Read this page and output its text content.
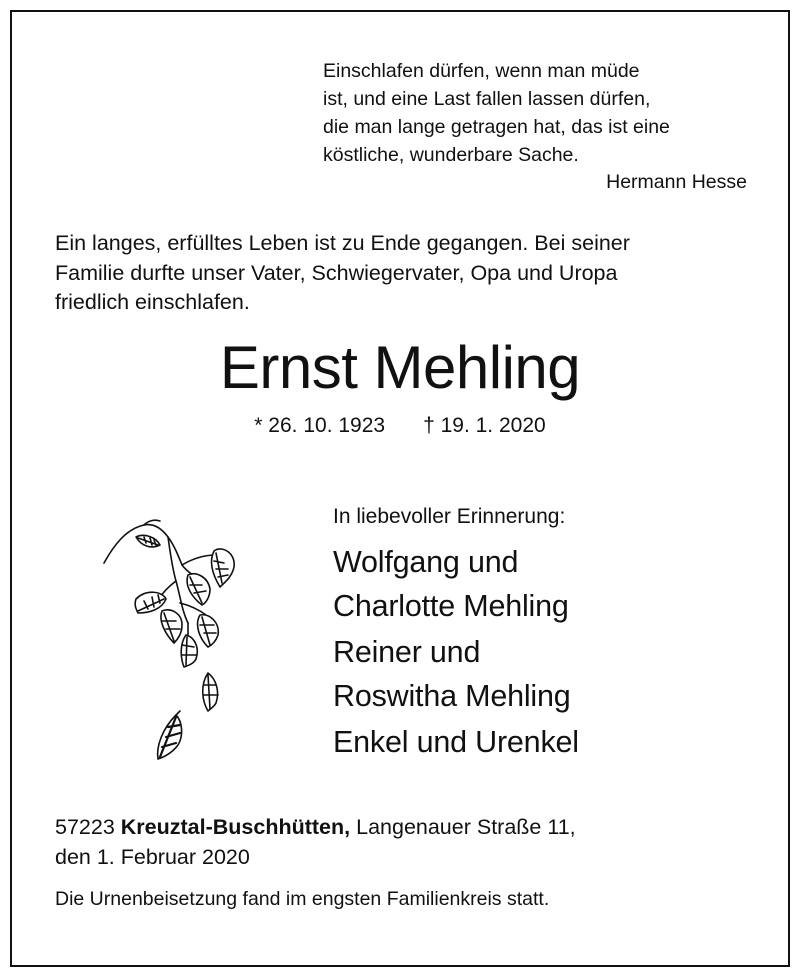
Einschlafen dürfen, wenn man müde
ist, und eine Last fallen lassen dürfen,
die man lange getragen hat, das ist eine
köstliche, wunderbare Sache.
Hermann Hesse
Ein langes, erfülltes Leben ist zu Ende gegangen. Bei seiner
Familie durfte unser Vater, Schwiegervater, Opa und Uropa
friedlich einschlafen.
Ernst Mehling
* 26. 10. 1923 † 19. 1. 2020
In liebevoller Erinnerung:
Wolfgang und
Charlotte Mehling
Reiner und
Roswitha Mehling
Enkel und Urenkel
57223 Kreuztal-Buschhütten, Langenauer Straße 11,
den 1. Februar 2020
Die Urnenbeisetzung fand im engsten Familienkreis statt.
